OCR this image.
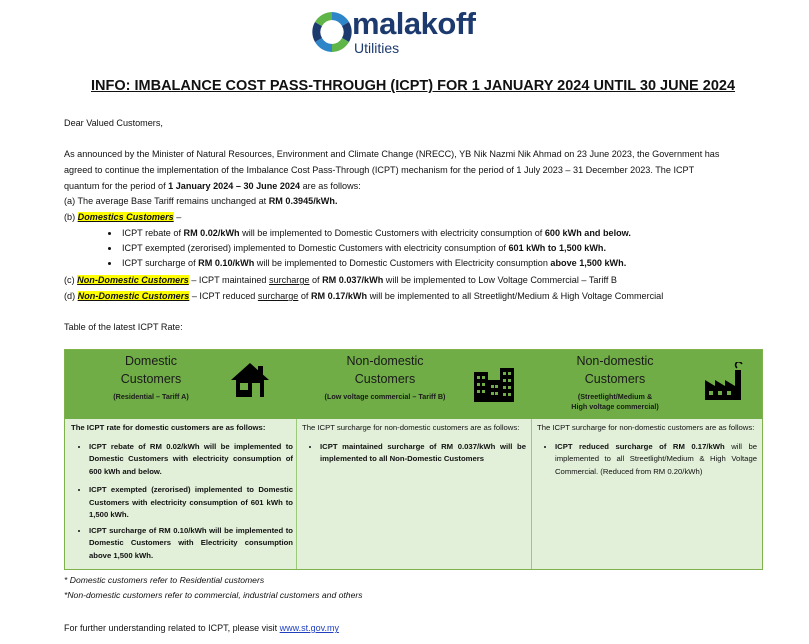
malakoff
Utilities
INFO: IMBALANCE COST PASS-THROUGH (ICPT) FOR 1 JANUARY 2024 UNTIL 30 JUNE 2024
Dear Valued Customers,
As announced by the Minister of Natural Resources, Environment and Climate Change (NRECC), YB Nik Nazmi Nik Ahmad on 23 June 2023, the Government has
agreed to continue the implementation of the Imbalance Cost Pass-Through (ICPT) mechanism for the period of 1 July 2023 – 31 December 2023. The ICPT
quantum for the period of 1 January 2024 – 30 June 2024 are as follows:
(a) The average Base Tariff remains unchanged at RM 0.3945/kWh.
(b) Domestics Customers –
ICPT rebate of RM 0.02/kWh will be implemented to Domestic Customers with electricity consumption of 600 kWh and below.
ICPT exempted (zerorised) implemented to Domestic Customers with electricity consumption of 601 kWh to 1,500 kWh.
ICPT surcharge of RM 0.10/kWh will be implemented to Domestic Customers with Electricity consumption above 1,500 kWh.
(c) Non-Domestic Customers – ICPT maintained surcharge of RM 0.037/kWh will be implemented to Low Voltage Commercial – Tariff B
(d) Non-Domestic Customers – ICPT reduced surcharge of RM 0.17/kWh will be implemented to all Streetlight/Medium & High Voltage Commercial
Table of the latest ICPT Rate:
Domestic
Customers
(Residential – Tariff A)
Non-domestic
Customers
(Low voltage commercial – Tariff B)
Non-domestic
Customers
(Streetlight/Medium &
High voltage commercial)

The ICPT rate for domestic customers are as follows:

• ICPT rebate of RM 0.02/kWh will be implemented to Domestic Customers with electricity consumption of 600 kWh and below.
• ICPT exempted (zerorised) implemented to Domestic Customers with electricity consumption of 601 kWh to 1,500 kWh.
• ICPT surcharge of RM 0.10/kWh will be implemented to Domestic Customers with Electricity consumption above 1,500 kWh.

The ICPT surcharge for non-domestic customers are as follows:

• ICPT maintained surcharge of RM 0.037/kWh will be implemented to all Non-Domestic Customers

The ICPT surcharge for non-domestic customers are as follows:

• ICPT reduced surcharge of RM 0.17/kWh will be implemented to all Streetlight/Medium & High Voltage Commercial. (Reduced from RM 0.20/kWh)
* Domestic customers refer to Residential customers
*Non-domestic customers refer to commercial, industrial customers and others
For further understanding related to ICPT, please visit www.st.gov.my
